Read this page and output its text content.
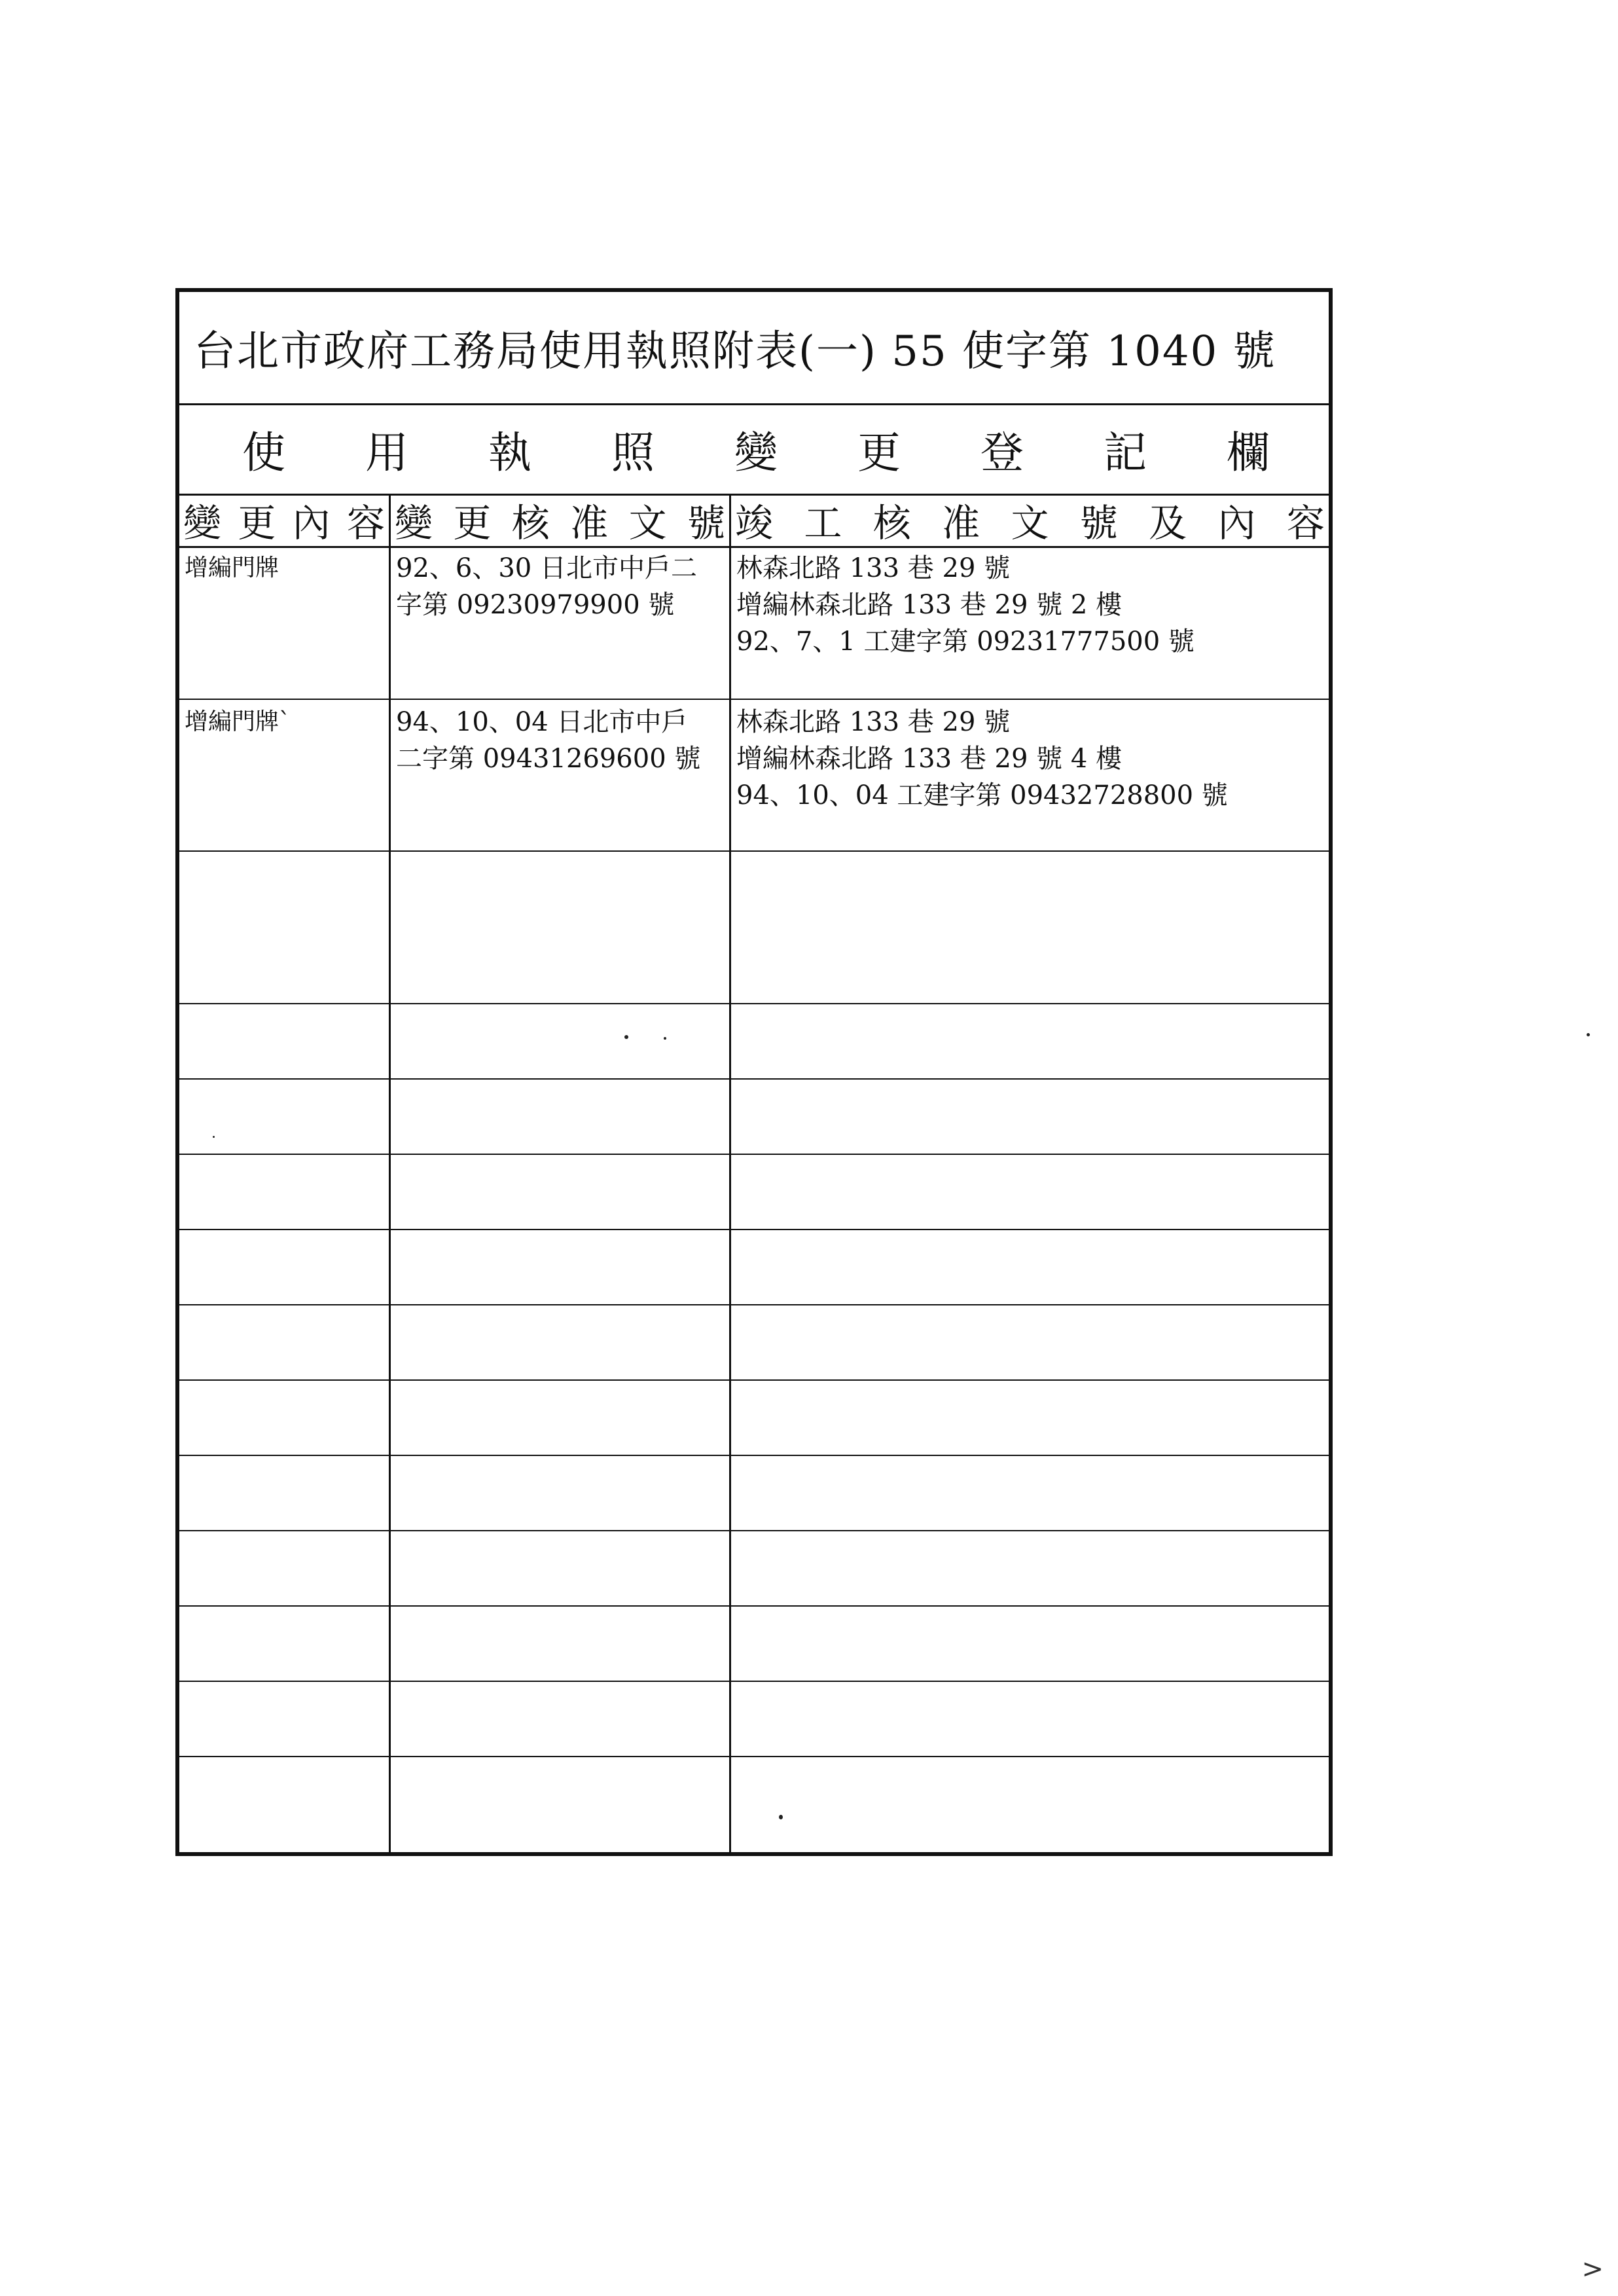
台北市政府工務局使用執照附表(一) 55 使字第 1040 號
使 用 執 照 變 更 登 記 欄
變 更 內 容 變 更 核 准 文 號 竣 工 核 准 文 號 及 內 容
增編門牌	92、6、30 日北市中戶二
字第 09230979900 號
林森北路 133 巷 29 號
增編林森北路 133 巷 29 號 2 樓
92、7、1 工建字第 09231777500 號
增編門牌`	94、10、04 日北市中戶
二字第 09431269600 號
林森北路 133 巷 29 號
增編林森北路 133 巷 29 號 4 樓
94、10、04 工建字第 09432728800 號
>
